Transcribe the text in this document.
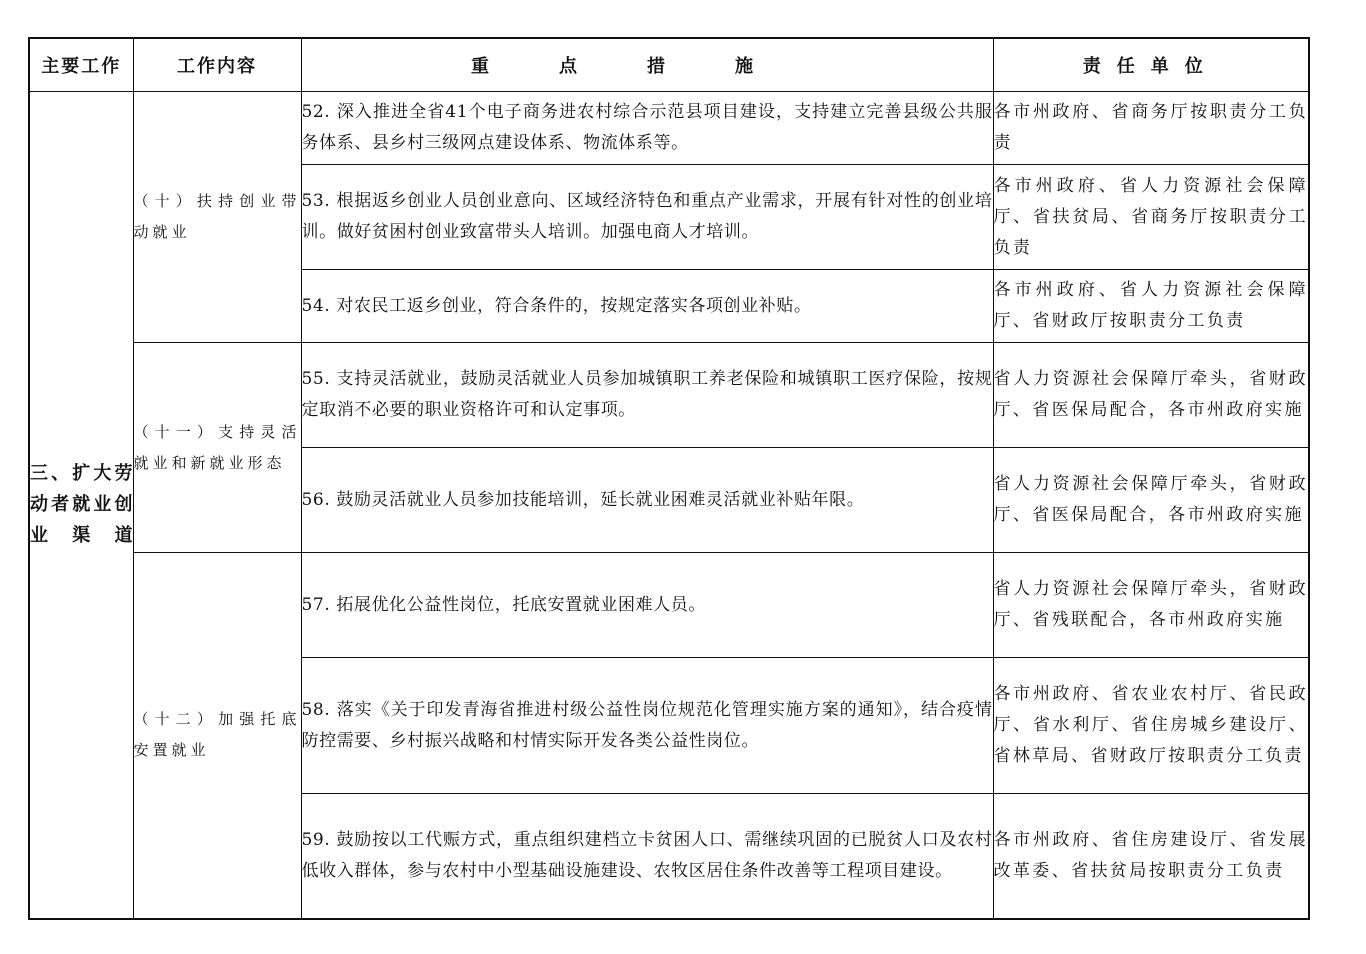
主要工作	工作内容	重点措施	责任单位
三、扩大劳动者就业创业渠道	（十）扶持创业带动就业	52. 深入推进全省41个电子商务进农村综合示范县项目建设，支持建立完善县级公共服务体系、县乡村三级网点建设体系、物流体系等。	各市州政府、省商务厅按职责分工负责
		53. 根据返乡创业人员创业意向、区域经济特色和重点产业需求，开展有针对性的创业培训。做好贫困村创业致富带头人培训。加强电商人才培训。	各市州政府、省人力资源社会保障厅、省扶贫局、省商务厅按职责分工负责
		54. 对农民工返乡创业，符合条件的，按规定落实各项创业补贴。	各市州政府、省人力资源社会保障厅、省财政厅按职责分工负责
	（十一）支持灵活就业和新就业形态	55. 支持灵活就业，鼓励灵活就业人员参加城镇职工养老保险和城镇职工医疗保险，按规定取消不必要的职业资格许可和认定事项。	省人力资源社会保障厅牵头，省财政厅、省医保局配合，各市州政府实施
		56. 鼓励灵活就业人员参加技能培训，延长就业困难灵活就业补贴年限。	省人力资源社会保障厅牵头，省财政厅、省医保局配合，各市州政府实施
	（十二）加强托底安置就业	57. 拓展优化公益性岗位，托底安置就业困难人员。	省人力资源社会保障厅牵头，省财政厅、省残联配合，各市州政府实施
		58. 落实《关于印发青海省推进村级公益性岗位规范化管理实施方案的通知》，结合疫情防控需要、乡村振兴战略和村情实际开发各类公益性岗位。	各市州政府、省农业农村厅、省民政厅、省水利厅、省住房城乡建设厅、省林草局、省财政厅按职责分工负责
		59. 鼓励按以工代赈方式，重点组织建档立卡贫困人口、需继续巩固的已脱贫人口及农村低收入群体，参与农村中小型基础设施建设、农牧区居住条件改善等工程项目建设。	各市州政府、省住房建设厅、省发展改革委、省扶贫局按职责分工负责
